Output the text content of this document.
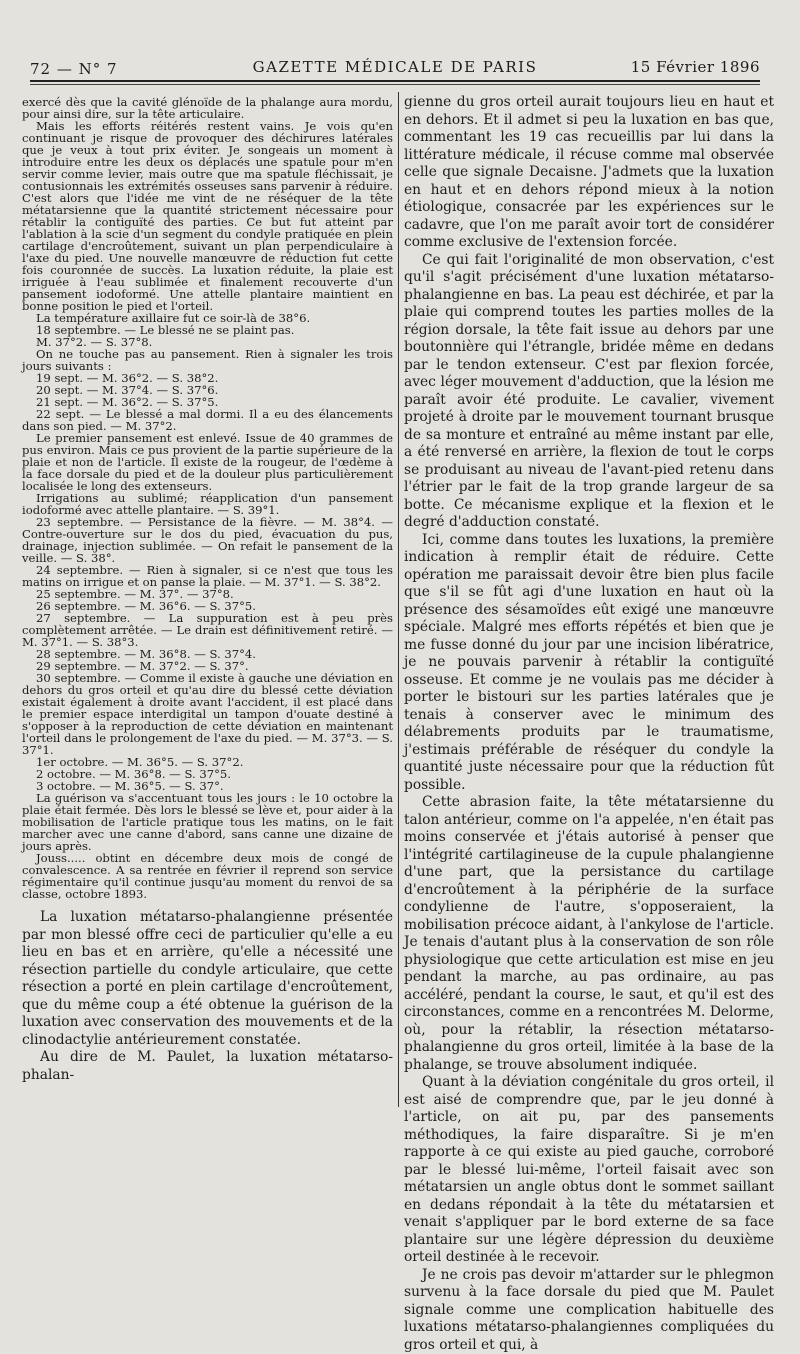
72 — N° 7	GAZETTE MÉDICALE DE PARIS	15 Février 1896

exercé dès que la cavité glénoïde de la phalange aura mordu, pour ainsi dire, sur la tête articulaire.

Mais les efforts réitérés restent vains. Je vois qu'en continuant je risque de provoquer des déchirures latérales que je veux à tout prix éviter. Je songeais un moment à introduire entre les deux os déplacés une spatule pour m'en servir comme levier, mais outre que ma spatule fléchissait, je contusionnais les extrémités osseuses sans parvenir à réduire. C'est alors que l'idée me vint de ne réséquer de la tête métatarsienne que la quantité strictement nécessaire pour rétablir la contiguïté des parties. Ce but fut atteint par l'ablation à la scie d'un segment du condyle pratiquée en plein cartilage d'encroûtement, suivant un plan perpendiculaire à l'axe du pied. Une nouvelle manœuvre de réduction fut cette fois couronnée de succès. La luxation réduite, la plaie est irriguée à l'eau sublimée et finalement recouverte d'un pansement iodoformé. Une attelle plantaire maintient en bonne position le pied et l'orteil.

La température axillaire fut ce soir-là de 38°6.

18 septembre. — Le blessé ne se plaint pas.

M. 37°2. — S. 37°8.

On ne touche pas au pansement. Rien à signaler les trois jours suivants :

19 sept. — M. 36°2. — S. 38°2.

20 sept. — M. 37°4. — S. 37°6.

21 sept. — M. 36°2. — S. 37°5.

22 sept. — Le blessé a mal dormi. Il a eu des élancements dans son pied. — M. 37°2.

Le premier pansement est enlevé. Issue de 40 grammes de pus environ. Mais ce pus provient de la partie supérieure de la plaie et non de l'article. Il existe de la rougeur, de l'œdème à la face dorsale du pied et de la douleur plus particulièrement localisée le long des extenseurs.

Irrigations au sublimé; réapplication d'un pansement iodoformé avec attelle plantaire. — S. 39°1.

23 septembre. — Persistance de la fièvre. — M. 38°4. — Contre-ouverture sur le dos du pied, évacuation du pus, drainage, injection sublimée. — On refait le pansement de la veille. — S. 38°.

24 septembre. — Rien à signaler, si ce n'est que tous les matins on irrigue et on panse la plaie. — M. 37°1. — S. 38°2.

25 septembre. — M. 37°. — 37°8.

26 septembre. — M. 36°6. — S. 37°5.

27 septembre. — La suppuration est à peu près complètement arrêtée. — Le drain est définitivement retiré. — M. 37°1. — S. 38°3.

28 septembre. — M. 36°8. — S. 37°4.

29 septembre. — M. 37°2. — S. 37°.

30 septembre. — Comme il existe à gauche une déviation en dehors du gros orteil et qu'au dire du blessé cette déviation existait également à droite avant l'accident, il est placé dans le premier espace interdigital un tampon d'ouate destiné à s'opposer à la reproduction de cette déviation en maintenant l'orteil dans le prolongement de l'axe du pied. — M. 37°3. — S. 37°1.

1er octobre. — M. 36°5. — S. 37°2.

2 octobre. — M. 36°8. — S. 37°5.

3 octobre. — M. 36°5. — S. 37°.

La guérison va s'accentuant tous les jours : le 10 octobre la plaie était fermée. Dès lors le blessé se lève et, pour aider à la mobilisation de l'article pratique tous les matins, on le fait marcher avec une canne d'abord, sans canne une dizaine de jours après.

Jouss..... obtint en décembre deux mois de congé de convalescence. A sa rentrée en février il reprend son service régimentaire qu'il continue jusqu'au moment du renvoi de sa classe, octobre 1893.

La luxation métatarso-phalangienne présentée par mon blessé offre ceci de particulier qu'elle a eu lieu en bas et en arrière, qu'elle a nécessité une résection partielle du condyle articulaire, que cette résection a porté en plein cartilage d'encroûtement, que du même coup a été obtenue la guérison de la luxation avec conservation des mouvements et de la clinodactylie antérieurement constatée.

Au dire de M. Paulet, la luxation métatarso-phalan-

gienne du gros orteil aurait toujours lieu en haut et en dehors. Et il admet si peu la luxation en bas que, commentant les 19 cas recueillis par lui dans la littérature médicale, il récuse comme mal observée celle que signale Decaisne. J'admets que la luxation en haut et en dehors répond mieux à la notion étiologique, consacrée par les expériences sur le cadavre, que l'on me paraît avoir tort de considérer comme exclusive de l'extension forcée.

Ce qui fait l'originalité de mon observation, c'est qu'il s'agit précisément d'une luxation métatarso-phalangienne en bas. La peau est déchirée, et par la plaie qui comprend toutes les parties molles de la région dorsale, la tête fait issue au dehors par une boutonnière qui l'étrangle, bridée même en dedans par le tendon extenseur. C'est par flexion forcée, avec léger mouvement d'adduction, que la lésion me paraît avoir été produite. Le cavalier, vivement projeté à droite par le mouvement tournant brusque de sa monture et entraîné au même instant par elle, a été renversé en arrière, la flexion de tout le corps se produisant au niveau de l'avant-pied retenu dans l'étrier par le fait de la trop grande largeur de sa botte. Ce mécanisme explique et la flexion et le degré d'adduction constaté.

Ici, comme dans toutes les luxations, la première indication à remplir était de réduire. Cette opération me paraissait devoir être bien plus facile que s'il se fût agi d'une luxation en haut où la présence des sésamoïdes eût exigé une manœuvre spéciale. Malgré mes efforts répétés et bien que je me fusse donné du jour par une incision libératrice, je ne pouvais parvenir à rétablir la contiguïté osseuse. Et comme je ne voulais pas me décider à porter le bistouri sur les parties latérales que je tenais à conserver avec le minimum des délabrements produits par le traumatisme, j'estimais préférable de réséquer du condyle la quantité juste nécessaire pour que la réduction fût possible.

Cette abrasion faite, la tête métatarsienne du talon antérieur, comme on l'a appelée, n'en était pas moins conservée et j'étais autorisé à penser que l'intégrité cartilagineuse de la cupule phalangienne d'une part, que la persistance du cartilage d'encroûtement à la périphérie de la surface condylienne de l'autre, s'opposeraient, la mobilisation précoce aidant, à l'ankylose de l'article. Je tenais d'autant plus à la conservation de son rôle physiologique que cette articulation est mise en jeu pendant la marche, au pas ordinaire, au pas accéléré, pendant la course, le saut, et qu'il est des circonstances, comme en a rencontrées M. Delorme, où, pour la rétablir, la résection métatarso-phalangienne du gros orteil, limitée à la base de la phalange, se trouve absolument indiquée.

Quant à la déviation congénitale du gros orteil, il est aisé de comprendre que, par le jeu donné à l'article, on ait pu, par des pansements méthodiques, la faire disparaître. Si je m'en rapporte à ce qui existe au pied gauche, corroboré par le blessé lui-même, l'orteil faisait avec son métatarsien un angle obtus dont le sommet saillant en dedans répondait à la tête du métatarsien et venait s'appliquer par le bord externe de sa face plantaire sur une légère dépression du deuxième orteil destinée à le recevoir.

Je ne crois pas devoir m'attarder sur le phlegmon survenu à la face dorsale du pied que M. Paulet signale comme une complication habituelle des luxations métatarso-phalangiennes compliquées du gros orteil et qui, à
